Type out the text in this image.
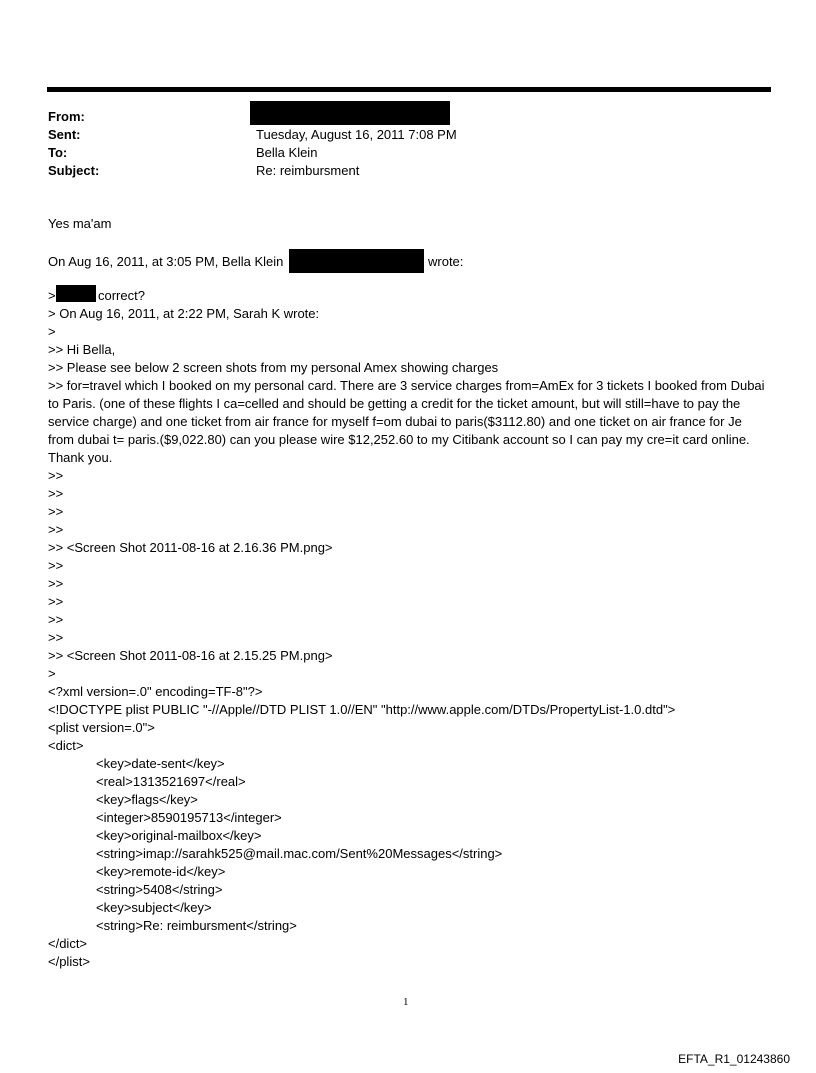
From:
Sent:	Tuesday, August 16, 2011 7:08 PM
To:	Bella Klein
Subject:	Re: reimbursment
Yes ma'am
On Aug 16, 2011, at 3:05 PM, Bella Klein	wrote:
>	correct?
> On Aug 16, 2011, at 2:22 PM, Sarah K wrote:
>
>> Hi Bella,
>> Please see below 2 screen shots from my personal Amex showing charges
>> for=travel which I booked on my personal card. There are 3 service charges from=AmEx for 3 tickets I booked from Dubai to Paris. (one of these flights I ca=celled and should be getting a credit for the ticket amount, but will still=have to pay the service charge) and one ticket from air france for myself f=om dubai to paris($3112.80) and one ticket on air france for Je from dubai t= paris.($9,022.80) can you please wire $12,252.60 to my Citibank account so I can pay my cre=it card online. Thank you.
>>
>>
>>
>>
>> <Screen Shot 2011-08-16 at 2.16.36 PM.png>
>>
>>
>>
>>
>>
>> <Screen Shot 2011-08-16 at 2.15.25 PM.png>
>
<?xml version=.0" encoding=TF-8"?>
<!DOCTYPE plist PUBLIC "-//Apple//DTD PLIST 1.0//EN" "http://www.apple.com/DTDs/PropertyList-1.0.dtd">
<plist version=.0">
<dict>
<key>date-sent</key>
<real>1313521697</real>
<key>flags</key>
<integer>8590195713</integer>
<key>original-mailbox</key>
<string>imap://sarahk525@mail.mac.com/Sent%20Messages</string>
<key>remote-id</key>
<string>5408</string>
<key>subject</key>
<string>Re: reimbursment</string>
</dict>
</plist>
1
EFTA_R1_01243860
